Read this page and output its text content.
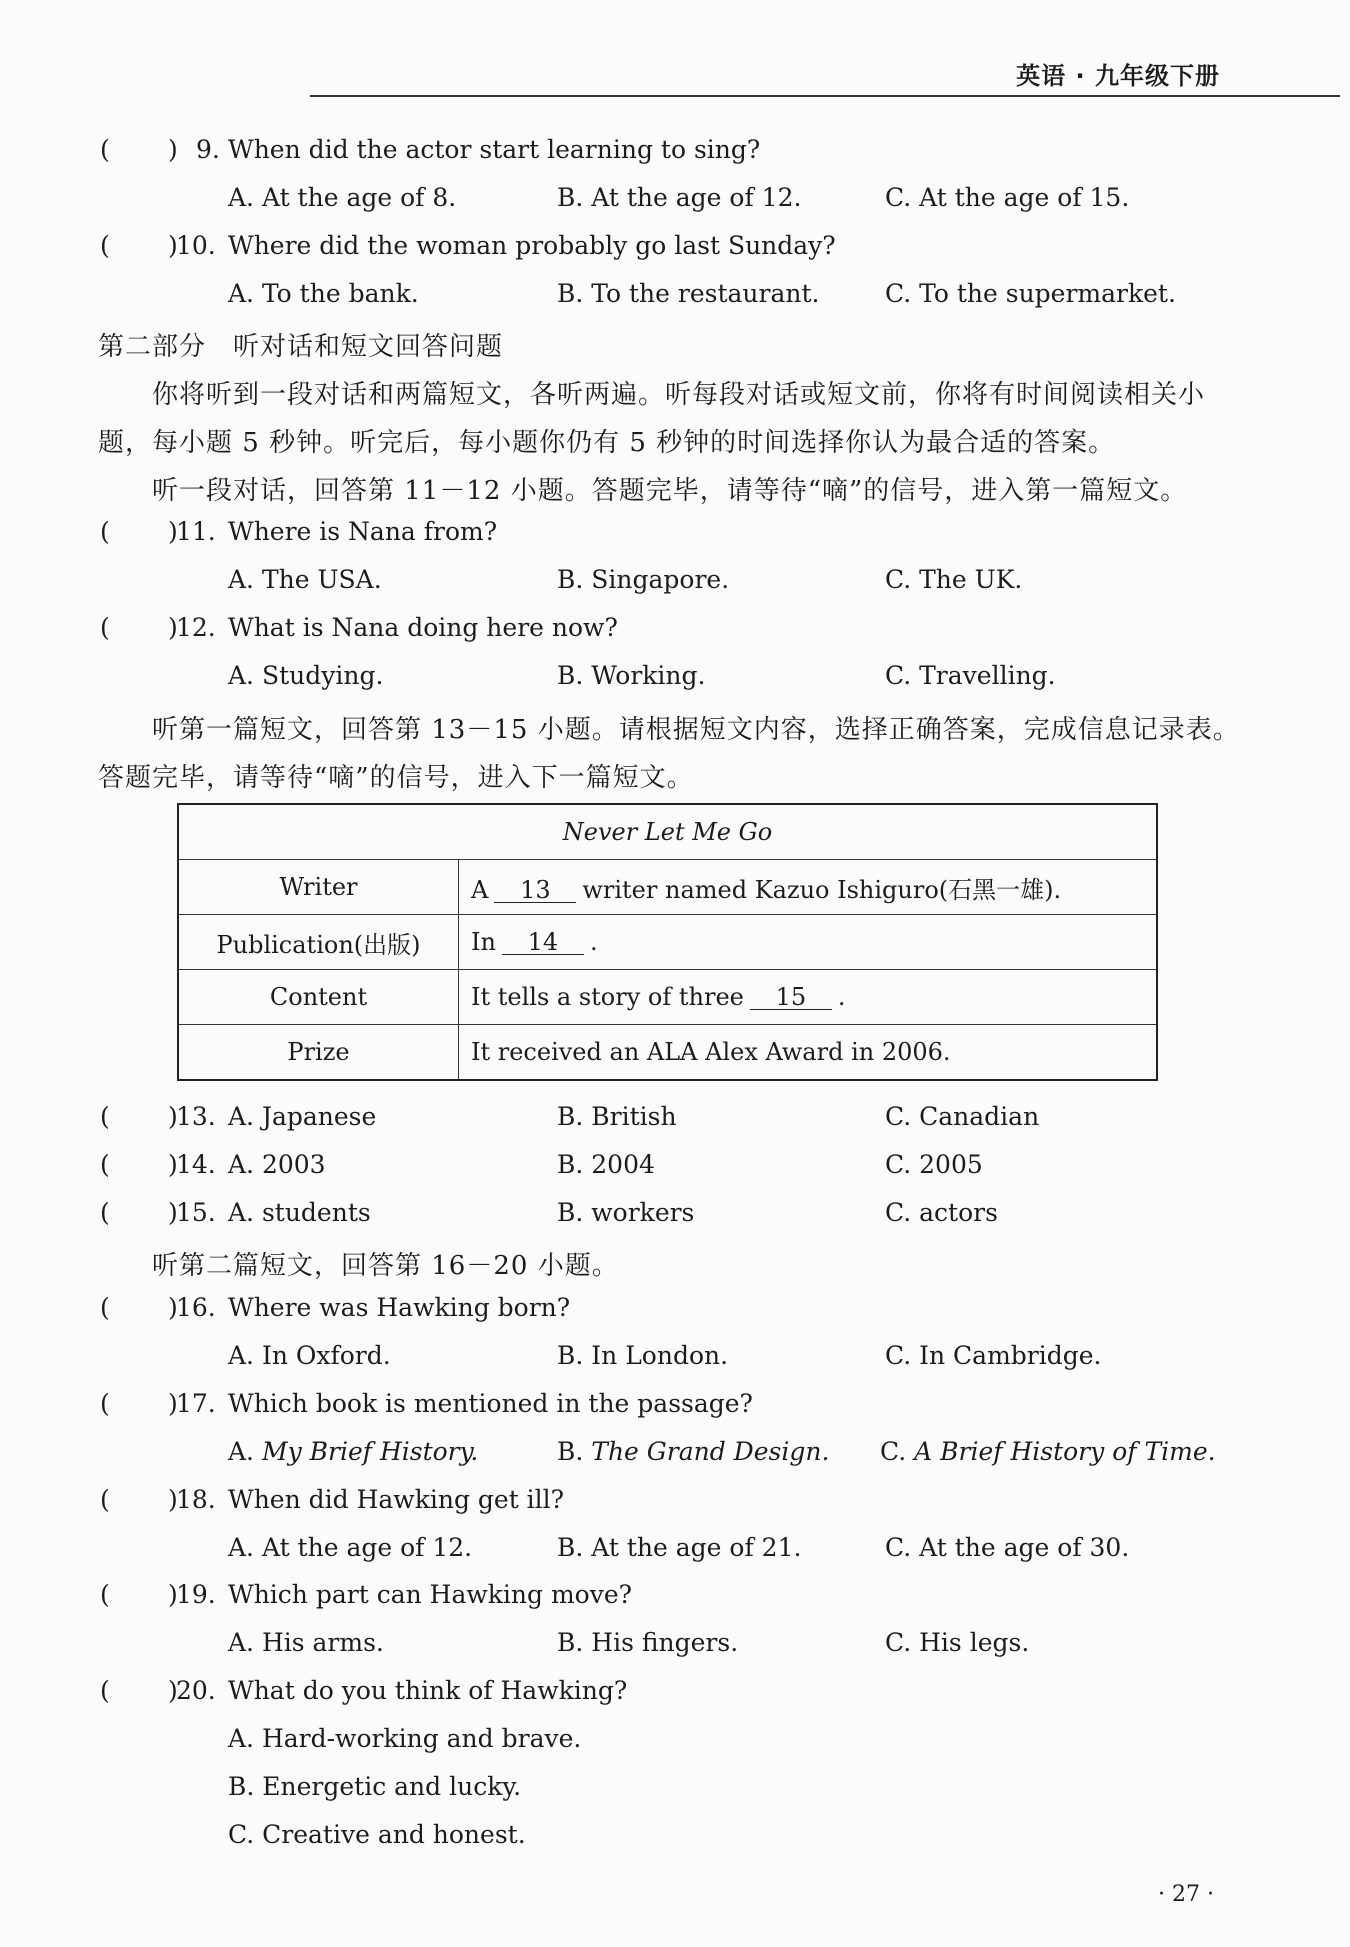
英语 · 九年级下册
( ) 9. When did the actor start learning to sing?
A. At the age of 8.	B. At the age of 12.	C. At the age of 15.
( )
10. Where did the woman probably go last Sunday?
A. To the bank.	B. To the restaurant.	C. To the supermarket.
第二部分　听对话和短文回答问题
你将听到一段对话和两篇短文，各听两遍。听每段对话或短文前，你将有时间阅读相关小
题，每小题 5 秒钟。听完后，每小题你仍有 5 秒钟的时间选择你认为最合适的答案。
听一段对话，回答第 11－12 小题。答题完毕，请等待“嘀”的信号，进入第一篇短文。
( )
11. Where is Nana from?
A. The USA.	B. Singapore.	C. The UK.
( )
12. What is Nana doing here now?
A. Studying.	B. Working.	C. Travelling.
听第一篇短文，回答第 13－15 小题。请根据短文内容，选择正确答案，完成信息记录表。
答题完毕，请等待“嘀”的信号，进入下一篇短文。
Never Let Me Go	
Writer	A 13 writer named Kazuo Ishiguro(石黑一雄).
Publication(出版)	In 14 .
Content	It tells a story of three 15 .
Prize	It received an ALA Alex Award in 2006.
( )
13. A. Japanese	B. British	C. Canadian
( )
14. A. 2003	B. 2004	C. 2005
( )
15. A. students	B. workers	C. actors
听第二篇短文，回答第 16－20 小题。
( )
16. Where was Hawking born?
A. In Oxford.	B. In London.	C. In Cambridge.
( )
17. Which book is mentioned in the passage?
A. My Brief History.	B. The Grand Design. C. A Brief History of Time.
( )
18. When did Hawking get ill?
A. At the age of 12.	B. At the age of 21.	C. At the age of 30.
( )
19. Which part can Hawking move?
A. His arms.	B. His fingers.	C. His legs.
( )
20. What do you think of Hawking?
A. Hard-working and brave.
B. Energetic and lucky.
C. Creative and honest.
· 27 ·
